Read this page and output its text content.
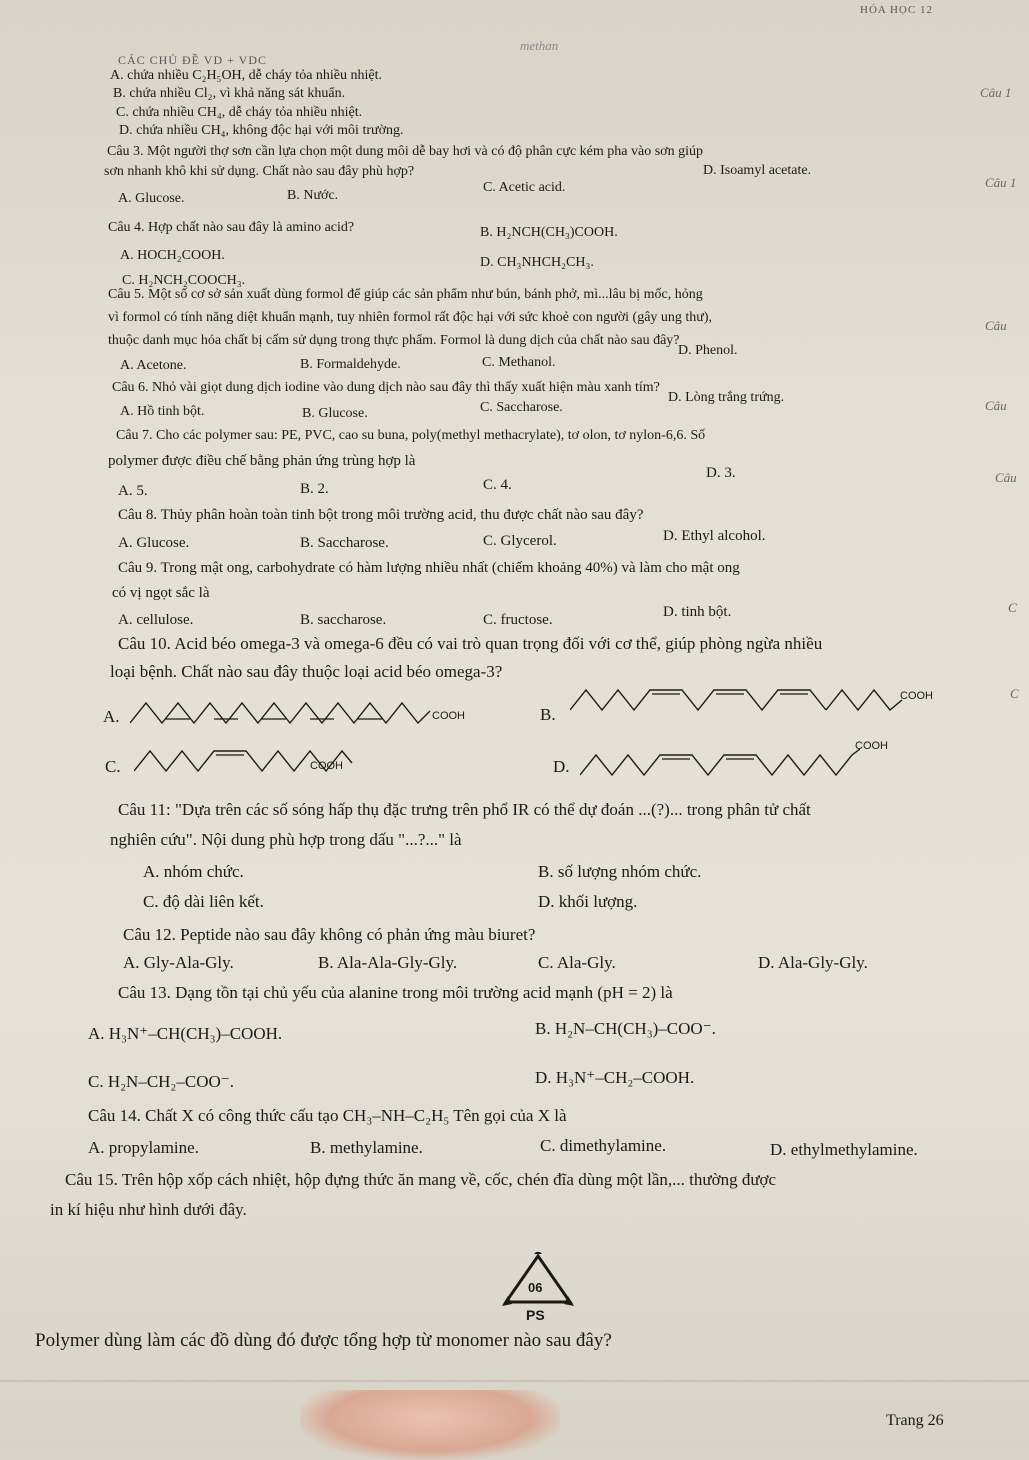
HÓA HỌC 12
CÁC CHỦ ĐỀ VD + VDC
methan
A. chứa nhiều C₂H₅OH, dễ cháy tỏa nhiều nhiệt.
B. chứa nhiều Cl₂, vì khả năng sát khuẩn.
C. chứa nhiều CH₄, dễ cháy tỏa nhiều nhiệt.
D. chứa nhiều CH₄, không độc hại với môi trường.
Câu 3. Một người thợ sơn cần lựa chọn một dung môi dễ bay hơi và có độ phân cực kém pha vào sơn giúp
sơn nhanh khô khi sử dụng. Chất nào sau đây phù hợp?
A. Glucose.	B. Nước.
C. Acetic acid.
D. Isoamyl acetate.
Câu 4. Hợp chất nào sau đây là amino acid?
A. HOCH₂COOH.
B. H₂NCH(CH₃)COOH.
C. H₂NCH₂COOCH₃.
D. CH₃NHCH₂CH₃.
Câu 5. Một số cơ sở sản xuất dùng formol để giúp các sản phẩm như bún, bánh phở, mì...lâu bị mốc, hỏng
vì formol có tính năng diệt khuẩn mạnh, tuy nhiên formol rất độc hại với sức khoẻ con người (gây ung thư),
thuộc danh mục hóa chất bị cấm sử dụng trong thực phẩm. Formol là dung dịch của chất nào sau đây?
A. Acetone.	B. Formaldehyde.	C. Methanol.
D. Phenol.
Câu 6. Nhỏ vài giọt dung dịch iodine vào dung dịch nào sau đây thì thấy xuất hiện màu xanh tím?
A. Hồ tinh bột.	B. Glucose.	C. Saccharose.
D. Lòng trắng trứng.
Câu 7. Cho các polymer sau: PE, PVC, cao su buna, poly(methyl methacrylate), tơ olon, tơ nylon-6,6. Số
polymer được điều chế bằng phản ứng trùng hợp là
A. 5.	B. 2.	C. 4.
D. 3.
Câu 8. Thủy phân hoàn toàn tinh bột trong môi trường acid, thu được chất nào sau đây?
A. Glucose.	B. Saccharose.	C. Glycerol.	D. Ethyl alcohol.
Câu 9. Trong mật ong, carbohydrate có hàm lượng nhiều nhất (chiếm khoảng 40%) và làm cho mật ong
có vị ngọt sắc là
A. cellulose.	B. saccharose.	C. fructose.	D. tinh bột.
Câu 10. Acid béo omega-3 và omega-6 đều có vai trò quan trọng đối với cơ thể, giúp phòng ngừa nhiều
loại bệnh. Chất nào sau đây thuộc loại acid béo omega-3?
A.	COOH	B.
COOH
C.	COOH	D.
COOH
Câu 11: "Dựa trên các số sóng hấp thụ đặc trưng trên phổ IR có thể dự đoán ...(?)... trong phân tử chất
nghiên cứu". Nội dung phù hợp trong dấu "...?..." là
A. nhóm chức.	B. số lượng nhóm chức.
C. độ dài liên kết.	D. khối lượng.
Câu 12. Peptide nào sau đây không có phản ứng màu biuret?
A. Gly-Ala-Gly.	B. Ala-Ala-Gly-Gly.	C. Ala-Gly.	D. Ala-Gly-Gly.
Câu 13. Dạng tồn tại chủ yếu của alanine trong môi trường acid mạnh (pH = 2) là
A. H₃N⁺–CH(CH₃)–COOH.	B. H₂N–CH(CH₃)–COO⁻.
C. H₂N–CH₂–COO⁻.	D. H₃N⁺–CH₂–COOH.
Câu 14. Chất X có công thức cấu tạo CH₃–NH–C₂H₅ Tên gọi của X là
A. propylamine.	B. methylamine.	C. dimethylamine.	D. ethylmethylamine.
Câu 15. Trên hộp xốp cách nhiệt, hộp đựng thức ăn mang về, cốc, chén đĩa dùng một lần,... thường được
in kí hiệu như hình dưới đây.
06
PS
Polymer dùng làm các đồ dùng đó được tổng hợp từ monomer nào sau đây?
Trang 26
Câu 1
Câu 1
Câu
Câu
Câu
C
C
